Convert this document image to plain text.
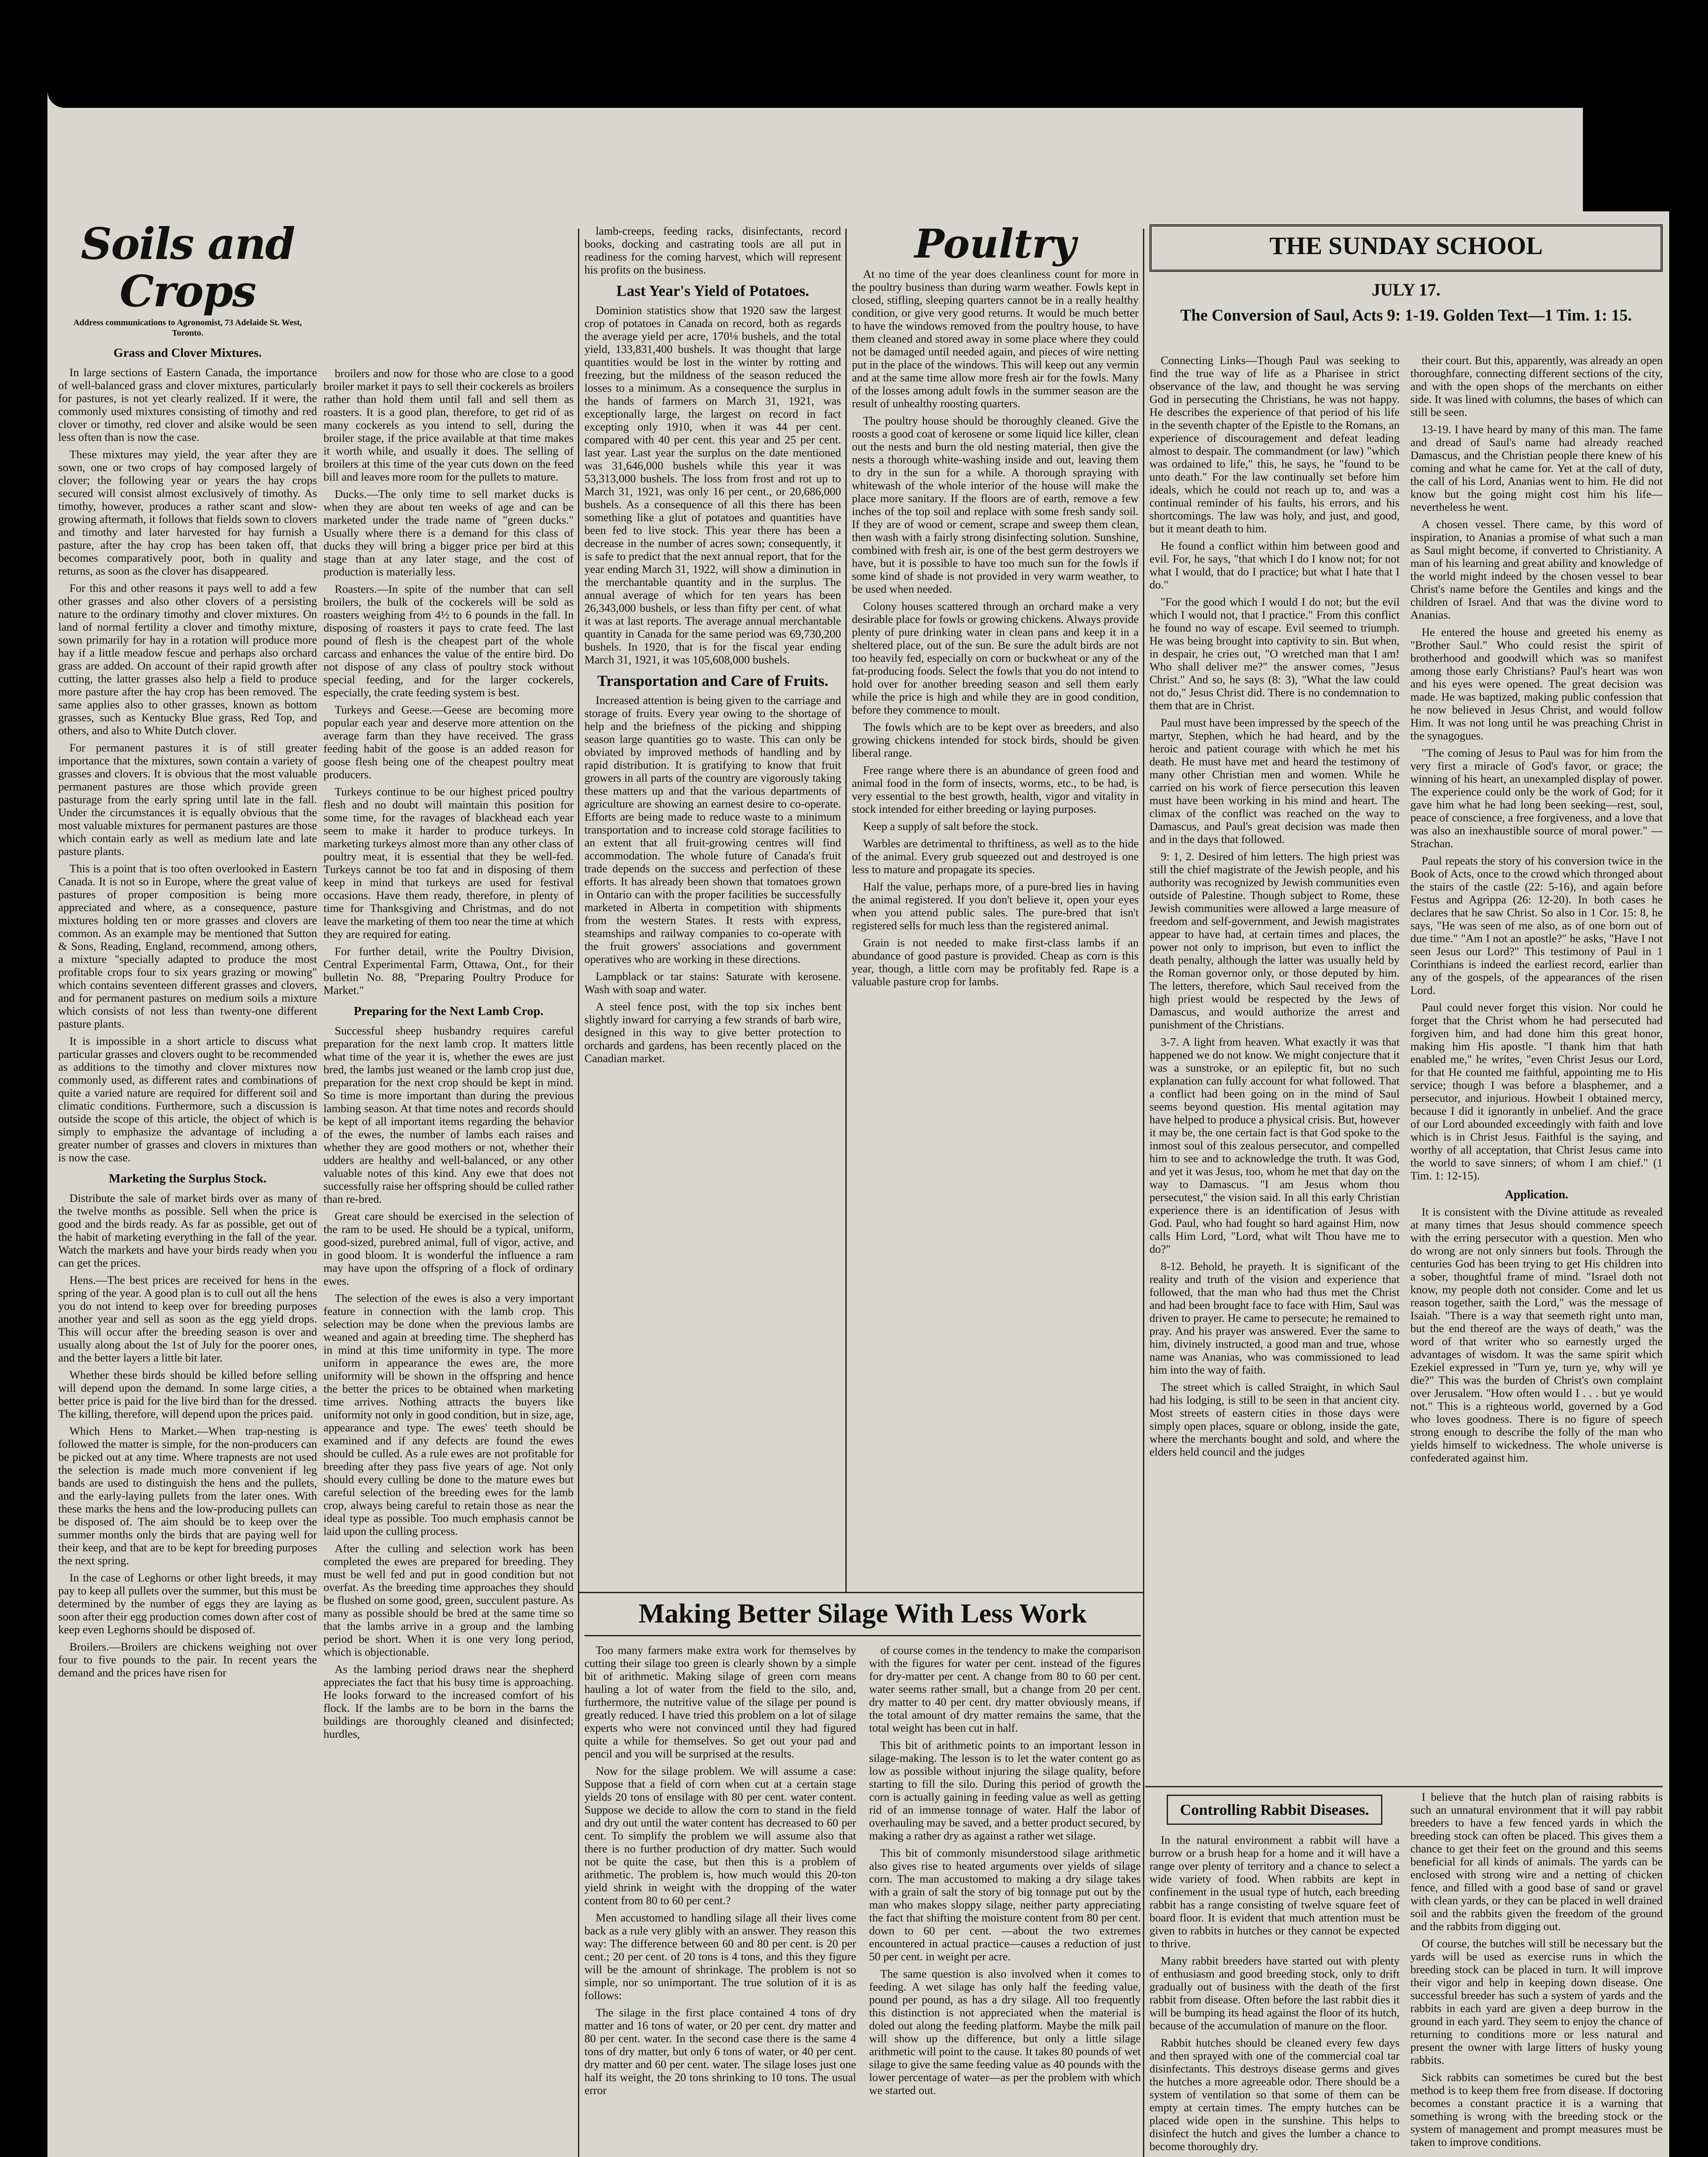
Soils and Crops
Address communications to Agronomist, 73 Adelaide St. West, Toronto.
Grass and Clover Mixtures.

In large sections of Eastern Canada, the importance of well-balanced grass and clover mixtures, particularly for pastures, is not yet clearly realized. If it were, the commonly used mixtures consisting of timothy and red clover or timothy, red clover and alsike would be seen less often than is now the case.

These mixtures may yield, the year after they are sown, one or two crops of hay composed largely of clover; the following year or years the hay crops secured will consist almost exclusively of timothy. As timothy, however, produces a rather scant and slow-growing aftermath, it follows that fields sown to clovers and timothy and later harvested for hay furnish a pasture, after the hay crop has been taken off, that becomes comparatively poor, both in quality and returns, as soon as the clover has disappeared.

For this and other reasons it pays well to add a few other grasses and also other clovers of a persisting nature to the ordinary timothy and clover mixtures. On land of normal fertility a clover and timothy mixture, sown primarily for hay in a rotation will produce more hay if a little meadow fescue and perhaps also orchard grass are added. On account of their rapid growth after cutting, the latter grasses also help a field to produce more pasture after the hay crop has been removed. The same applies also to other grasses, known as bottom grasses, such as Kentucky Blue grass, Red Top, and others, and also to White Dutch clover.

For permanent pastures it is of still greater importance that the mixtures, sown contain a variety of grasses and clovers. It is obvious that the most valuable permanent pastures are those which provide green pasturage from the early spring until late in the fall. Under the circumstances it is equally obvious that the most valuable mixtures for permanent pastures are those which contain early as well as medium late and late pasture plants.

This is a point that is too often overlooked in Eastern Canada. It is not so in Europe, where the great value of pastures of proper composition is being more appreciated and where, as a consequence, pasture mixtures holding ten or more grasses and clovers are common. As an example may be mentioned that Sutton & Sons, Reading, England, recommend, among others, a mixture "specially adapted to produce the most profitable crops four to six years grazing or mowing" which contains seventeen different grasses and clovers, and for permanent pastures on medium soils a mixture which consists of not less than twenty-one different pasture plants.

It is impossible in a short article to discuss what particular grasses and clovers ought to be recommended as additions to the timothy and clover mixtures now commonly used, as different rates and combinations of quite a varied nature are required for different soil and climatic conditions. Furthermore, such a discussion is outside the scope of this article, the object of which is simply to emphasize the advantage of including a greater number of grasses and clovers in mixtures than is now the case.

Marketing the Surplus Stock.

Distribute the sale of market birds over as many of the twelve months as possible. Sell when the price is good and the birds ready. As far as possible, get out of the habit of marketing everything in the fall of the year. Watch the markets and have your birds ready when you can get the prices.

Hens.—The best prices are received for hens in the spring of the year. A good plan is to cull out all the hens you do not intend to keep over for breeding purposes another year and sell as soon as the egg yield drops. This will occur after the breeding season is over and usually along about the 1st of July for the poorer ones, and the better layers a little bit later.

Whether these birds should be killed before selling will depend upon the demand. In some large cities, a better price is paid for the live bird than for the dressed. The killing, therefore, will depend upon the prices paid.

Which Hens to Market.—When trap-nesting is followed the matter is simple, for the non-producers can be picked out at any time. Where trapnests are not used the selection is made much more convenient if leg bands are used to distinguish the hens and the pullets, and the early-laying pullets from the later ones. With these marks the hens and the low-producing pullets can be disposed of. The aim should be to keep over the summer months only the birds that are paying well for their keep, and that are to be kept for breeding purposes the next spring.

In the case of Leghorns or other light breeds, it may pay to keep all pullets over the summer, but this must be determined by the number of eggs they are laying as soon after their egg production comes down after cost of keep even Leghorns should be disposed of.

Broilers.—Broilers are chickens weighing not over four to five pounds to the pair. In recent years the demand and the prices have risen for

broilers and now for those who are close to a good broiler market it pays to sell their cockerels as broilers rather than hold them until fall and sell them as roasters. It is a good plan, therefore, to get rid of as many cockerels as you intend to sell, during the broiler stage, if the price available at that time makes it worth while, and usually it does. The selling of broilers at this time of the year cuts down on the feed bill and leaves more room for the pullets to mature.

Ducks.—The only time to sell market ducks is when they are about ten weeks of age and can be marketed under the trade name of "green ducks." Usually where there is a demand for this class of ducks they will bring a bigger price per bird at this stage than at any later stage, and the cost of production is materially less.

Roasters.—In spite of the number that can sell broilers, the bulk of the cockerels will be sold as roasters weighing from 4½ to 6 pounds in the fall. In disposing of roasters it pays to crate feed. The last pound of flesh is the cheapest part of the whole carcass and enhances the value of the entire bird. Do not dispose of any class of poultry stock without special feeding, and for the larger cockerels, especially, the crate feeding system is best.

Turkeys and Geese.—Geese are becoming more popular each year and deserve more attention on the average farm than they have received. The grass feeding habit of the goose is an added reason for goose flesh being one of the cheapest poultry meat producers.

Turkeys continue to be our highest priced poultry flesh and no doubt will maintain this position for some time, for the ravages of blackhead each year seem to make it harder to produce turkeys. In marketing turkeys almost more than any other class of poultry meat, it is essential that they be well-fed. Turkeys cannot be too fat and in disposing of them keep in mind that turkeys are used for festival occasions. Have them ready, therefore, in plenty of time for Thanksgiving and Christmas, and do not leave the marketing of them too near the time at which they are required for eating.

For further detail, write the Poultry Division, Central Experimental Farm, Ottawa, Ont., for their bulletin No. 88, "Preparing Poultry Produce for Market."

Preparing for the Next Lamb Crop.

Successful sheep husbandry requires careful preparation for the next lamb crop. It matters little what time of the year it is, whether the ewes are just bred, the lambs just weaned or the lamb crop just due, preparation for the next crop should be kept in mind. So time is more important than during the previous lambing season. At that time notes and records should be kept of all important items regarding the behavior of the ewes, the number of lambs each raises and whether they are good mothers or not, whether their udders are healthy and well-balanced, or any other valuable notes of this kind. Any ewe that does not successfully raise her offspring should be culled rather than re-bred.

Great care should be exercised in the selection of the ram to be used. He should be a typical, uniform, good-sized, purebred animal, full of vigor, active, and in good bloom. It is wonderful the influence a ram may have upon the offspring of a flock of ordinary ewes.

The selection of the ewes is also a very important feature in connection with the lamb crop. This selection may be done when the previous lambs are weaned and again at breeding time. The shepherd has in mind at this time uniformity in type. The more uniform in appearance the ewes are, the more uniformity will be shown in the offspring and hence the better the prices to be obtained when marketing time arrives. Nothing attracts the buyers like uniformity not only in good condition, but in size, age, appearance and type. The ewes' teeth should be examined and if any defects are found the ewes should be culled. As a rule ewes are not profitable for breeding after they pass five years of age. Not only should every culling be done to the mature ewes but careful selection of the breeding ewes for the lamb crop, always being careful to retain those as near the ideal type as possible. Too much emphasis cannot be laid upon the culling process.

After the culling and selection work has been completed the ewes are prepared for breeding. They must be well fed and put in good condition but not overfat. As the breeding time approaches they should be flushed on some good, green, succulent pasture. As many as possible should be bred at the same time so that the lambs arrive in a group and the lambing period be short. When it is one very long period, which is objectionable.

As the lambing period draws near the shepherd appreciates the fact that his busy time is approaching. He looks forward to the increased comfort of his flock. If the lambs are to be born in the barns the buildings are thoroughly cleaned and disinfected; hurdles,

lamb-creeps, feeding racks, disinfectants, record books, docking and castrating tools are all put in readiness for the coming harvest, which will represent his profits on the business.

Last Year's Yield of Potatoes.

Dominion statistics show that 1920 saw the largest crop of potatoes in Canada on record, both as regards the average yield per acre, 170⅛ bushels, and the total yield, 133,831,400 bushels. It was thought that large quantities would be lost in the winter by rotting and freezing, but the mildness of the season reduced the losses to a minimum. As a consequence the surplus in the hands of farmers on March 31, 1921, was exceptionally large, the largest on record in fact excepting only 1910, when it was 44 per cent. compared with 40 per cent. this year and 25 per cent. last year. Last year the surplus on the date mentioned was 31,646,000 bushels while this year it was 53,313,000 bushels. The loss from frost and rot up to March 31, 1921, was only 16 per cent., or 20,686,000 bushels. As a consequence of all this there has been something like a glut of potatoes and quantities have been fed to live stock. This year there has been a decrease in the number of acres sown; consequently, it is safe to predict that the next annual report, that for the year ending March 31, 1922, will show a diminution in the merchantable quantity and in the surplus. The annual average of which for ten years has been 26,343,000 bushels, or less than fifty per cent. of what it was at last reports. The average annual merchantable quantity in Canada for the same period was 69,730,200 bushels. In 1920, that is for the fiscal year ending March 31, 1921, it was 105,608,000 bushels.

Transportation and Care of Fruits.

Increased attention is being given to the carriage and storage of fruits. Every year owing to the shortage of help and the briefness of the picking and shipping season large quantities go to waste. This can only be obviated by improved methods of handling and by rapid distribution. It is gratifying to know that fruit growers in all parts of the country are vigorously taking these matters up and that the various departments of agriculture are showing an earnest desire to co-operate. Efforts are being made to reduce waste to a minimum transportation and to increase cold storage facilities to an extent that all fruit-growing centres will find accommodation. The whole future of Canada's fruit trade depends on the success and perfection of these efforts. It has already been shown that tomatoes grown in Ontario can with the proper facilities be successfully marketed in Alberta in competition with shipments from the western States. It rests with express, steamships and railway companies to co-operate with the fruit growers' associations and government operatives who are working in these directions.

Lampblack or tar stains: Saturate with kerosene. Wash with soap and water.

A steel fence post, with the top six inches bent slightly inward for carrying a few strands of barb wire, designed in this way to give better protection to orchards and gardens, has been recently placed on the Canadian market.

Poultry

At no time of the year does cleanliness count for more in the poultry business than during warm weather. Fowls kept in closed, stifling, sleeping quarters cannot be in a really healthy condition, or give very good returns. It would be much better to have the windows removed from the poultry house, to have them cleaned and stored away in some place where they could not be damaged until needed again, and pieces of wire netting put in the place of the windows. This will keep out any vermin and at the same time allow more fresh air for the fowls. Many of the losses among adult fowls in the summer season are the result of unhealthy roosting quarters.

The poultry house should be thoroughly cleaned. Give the roosts a good coat of kerosene or some liquid lice killer, clean out the nests and burn the old nesting material, then give the nests a thorough white-washing inside and out, leaving them to dry in the sun for a while. A thorough spraying with whitewash of the whole interior of the house will make the place more sanitary. If the floors are of earth, remove a few inches of the top soil and replace with some fresh sandy soil. If they are of wood or cement, scrape and sweep them clean, then wash with a fairly strong disinfecting solution. Sunshine, combined with fresh air, is one of the best germ destroyers we have, but it is possible to have too much sun for the fowls if some kind of shade is not provided in very warm weather, to be used when needed.

Colony houses scattered through an orchard make a very desirable place for fowls or growing chickens. Always provide plenty of pure drinking water in clean pans and keep it in a sheltered place, out of the sun. Be sure the adult birds are not too heavily fed, especially on corn or buckwheat or any of the fat-producing foods. Select the fowls that you do not intend to hold over for another breeding season and sell them early while the price is high and while they are in good condition, before they commence to moult.

The fowls which are to be kept over as breeders, and also growing chickens intended for stock birds, should be given liberal range.

Free range where there is an abundance of green food and animal food in the form of insects, worms, etc., to be had, is very essential to the best growth, health, vigor and vitality in stock intended for either breeding or laying purposes.

Keep a supply of salt before the stock.

Warbles are detrimental to thriftiness, as well as to the hide of the animal. Every grub squeezed out and destroyed is one less to mature and propagate its species.

Half the value, perhaps more, of a pure-bred lies in having the animal registered. If you don't believe it, open your eyes when you attend public sales. The pure-bred that isn't registered sells for much less than the registered animal.

Grain is not needed to make first-class lambs if an abundance of good pasture is provided. Cheap as corn is this year, though, a little corn may be profitably fed. Rape is a valuable pasture crop for lambs.

Making Better Silage With Less Work

Too many farmers make extra work for themselves by cutting their silage too green is clearly shown by a simple bit of arithmetic. Making silage of green corn means hauling a lot of water from the field to the silo, and, furthermore, the nutritive value of the silage per pound is greatly reduced. I have tried this problem on a lot of silage experts who were not convinced until they had figured quite a while for themselves. So get out your pad and pencil and you will be surprised at the results.

Now for the silage problem. We will assume a case: Suppose that a field of corn when cut at a certain stage yields 20 tons of ensilage with 80 per cent. water content. Suppose we decide to allow the corn to stand in the field and dry out until the water content has decreased to 60 per cent. To simplify the problem we will assume also that there is no further production of dry matter. Such would not be quite the case, but then this is a problem of arithmetic. The problem is, how much would this 20-ton yield shrink in weight with the dropping of the water content from 80 to 60 per cent.?

Men accustomed to handling silage all their lives come back as a rule very glibly with an answer. They reason this way: The difference between 60 and 80 per cent. is 20 per cent.; 20 per cent. of 20 tons is 4 tons, and this they figure will be the amount of shrinkage. The problem is not so simple, nor so unimportant. The true solution of it is as follows:

The silage in the first place contained 4 tons of dry matter and 16 tons of water, or 20 per cent. dry matter and 80 per cent. water. In the second case there is the same 4 tons of dry matter, but only 6 tons of water, or 40 per cent. dry matter and 60 per cent. water. The silage loses just one half its weight, the 20 tons shrinking to 10 tons. The usual error

of course comes in the tendency to make the comparison with the figures for water per cent. instead of the figures for dry-matter per cent. A change from 80 to 60 per cent. water seems rather small, but a change from 20 per cent. dry matter to 40 per cent. dry matter obviously means, if the total amount of dry matter remains the same, that the total weight has been cut in half.

This bit of arithmetic points to an important lesson in silage-making. The lesson is to let the water content go as low as possible without injuring the silage quality, before starting to fill the silo. During this period of growth the corn is actually gaining in feeding value as well as getting rid of an immense tonnage of water. Half the labor of overhauling may be saved, and a better product secured, by making a rather dry as against a rather wet silage.

This bit of commonly misunderstood silage arithmetic also gives rise to heated arguments over yields of silage corn. The man accustomed to making a dry silage takes with a grain of salt the story of big tonnage put out by the man who makes sloppy silage, neither party appreciating the fact that shifting the moisture content from 80 per cent. down to 60 per cent. —about the two extremes encountered in actual practice—causes a reduction of just 50 per cent. in weight per acre.

The same question is also involved when it comes to feeding. A wet silage has only half the feeding value, pound per pound, as has a dry silage. All too frequently this distinction is not appreciated when the material is doled out along the feeding platform. Maybe the milk pail will show up the difference, but only a little silage arithmetic will point to the cause. It takes 80 pounds of wet silage to give the same feeding value as 40 pounds with the lower percentage of water—as per the problem with which we started out.

THE SUNDAY SCHOOL
JULY 17.
The Conversion of Saul, Acts 9: 1-19. Golden Text—1 Tim. 1: 15.

Connecting Links—Though Paul was seeking to find the true way of life as a Pharisee in strict observance of the law, and thought he was serving God in persecuting the Christians, he was not happy. He describes the experience of that period of his life in the seventh chapter of the Epistle to the Romans, an experience of discouragement and defeat leading almost to despair. The commandment (or law) "which was ordained to life," this, he says, he "found to be unto death." For the law continually set before him ideals, which he could not reach up to, and was a continual reminder of his faults, his errors, and his shortcomings. The law was holy, and just, and good, but it meant death to him.

He found a conflict within him between good and evil. For, he says, "that which I do I know not; for not what I would, that do I practice; but what I hate that I do."

"For the good which I would I do not; but the evil which I would not, that I practice." From this conflict he found no way of escape. Evil seemed to triumph. He was being brought into captivity to sin. But when, in despair, he cries out, "O wretched man that I am! Who shall deliver me?" the answer comes, "Jesus Christ." And so, he says (8: 3), "What the law could not do," Jesus Christ did. There is no condemnation to them that are in Christ.

Paul must have been impressed by the speech of the martyr, Stephen, which he had heard, and by the heroic and patient courage with which he met his death. He must have met and heard the testimony of many other Christian men and women. While he carried on his work of fierce persecution this leaven must have been working in his mind and heart. The climax of the conflict was reached on the way to Damascus, and Paul's great decision was made then and in the days that followed.

9: 1, 2. Desired of him letters. The high priest was still the chief magistrate of the Jewish people, and his authority was recognized by Jewish communities even outside of Palestine. Though subject to Rome, these Jewish communities were allowed a large measure of freedom and self-government, and Jewish magistrates appear to have had, at certain times and places, the power not only to imprison, but even to inflict the death penalty, although the latter was usually held by the Roman governor only, or those deputed by him. The letters, therefore, which Saul received from the high priest would be respected by the Jews of Damascus, and would authorize the arrest and punishment of the Christians.

3-7. A light from heaven. What exactly it was that happened we do not know. We might conjecture that it was a sunstroke, or an epileptic fit, but no such explanation can fully account for what followed. That a conflict had been going on in the mind of Saul seems beyond question. His mental agitation may have helped to produce a physical crisis. But, however it may be, the one certain fact is that God spoke to the inmost soul of this zealous persecutor, and compelled him to see and to acknowledge the truth. It was God, and yet it was Jesus, too, whom he met that day on the way to Damascus. "I am Jesus whom thou persecutest," the vision said. In all this early Christian experience there is an identification of Jesus with God. Paul, who had fought so hard against Him, now calls Him Lord, "Lord, what wilt Thou have me to do?"

8-12. Behold, he prayeth. It is significant of the reality and truth of the vision and experience that followed, that the man who had thus met the Christ and had been brought face to face with Him, Saul was driven to prayer. He came to persecute; he remained to pray. And his prayer was answered. Ever the same to him, divinely instructed, a good man and true, whose name was Ananias, who was commissioned to lead him into the way of faith.

The street which is called Straight, in which Saul had his lodging, is still to be seen in that ancient city. Most streets of eastern cities in those days were simply open places, square or oblong, inside the gate, where the merchants bought and sold, and where the elders held council and the judges

their court. But this, apparently, was already an open thoroughfare, connecting different sections of the city, and with the open shops of the merchants on either side. It was lined with columns, the bases of which can still be seen.

13-19. I have heard by many of this man. The fame and dread of Saul's name had already reached Damascus, and the Christian people there knew of his coming and what he came for. Yet at the call of duty, the call of his Lord, Ananias went to him. He did not know but the going might cost him his life—nevertheless he went.

A chosen vessel. There came, by this word of inspiration, to Ananias a promise of what such a man as Saul might become, if converted to Christianity. A man of his learning and great ability and knowledge of the world might indeed by the chosen vessel to bear Christ's name before the Gentiles and kings and the children of Israel. And that was the divine word to Ananias.

He entered the house and greeted his enemy as "Brother Saul." Who could resist the spirit of brotherhood and goodwill which was so manifest among those early Christians? Paul's heart was won and his eyes were opened. The great decision was made. He was baptized, making public confession that he now believed in Jesus Christ, and would follow Him. It was not long until he was preaching Christ in the synagogues.

"The coming of Jesus to Paul was for him from the very first a miracle of God's favor, or grace; the winning of his heart, an unexampled display of power. The experience could only be the work of God; for it gave him what he had long been seeking—rest, soul, peace of conscience, a free forgiveness, and a love that was also an inexhaustible source of moral power." —Strachan.

Paul repeats the story of his conversion twice in the Book of Acts, once to the crowd which thronged about the stairs of the castle (22: 5-16), and again before Festus and Agrippa (26: 12-20). In both cases he declares that he saw Christ. So also in 1 Cor. 15: 8, he says, "He was seen of me also, as of one born out of due time." "Am I not an apostle?" he asks, "Have I not seen Jesus our Lord?" This testimony of Paul in 1 Corinthians is indeed the earliest record, earlier than any of the gospels, of the appearances of the risen Lord.

Paul could never forget this vision. Nor could he forget that the Christ whom he had persecuted had forgiven him, and had done him this great honor, making him His apostle. "I thank him that hath enabled me," he writes, "even Christ Jesus our Lord, for that He counted me faithful, appointing me to His service; though I was before a blasphemer, and a persecutor, and injurious. Howbeit I obtained mercy, because I did it ignorantly in unbelief. And the grace of our Lord abounded exceedingly with faith and love which is in Christ Jesus. Faithful is the saying, and worthy of all acceptation, that Christ Jesus came into the world to save sinners; of whom I am chief." (1 Tim. 1: 12-15).

Application.

It is consistent with the Divine attitude as revealed at many times that Jesus should commence speech with the erring persecutor with a question. Men who do wrong are not only sinners but fools. Through the centuries God has been trying to get His children into a sober, thoughtful frame of mind. "Israel doth not know, my people doth not consider. Come and let us reason together, saith the Lord," was the message of Isaiah. "There is a way that seemeth right unto man, but the end thereof are the ways of death," was the word of that writer who so earnestly urged the advantages of wisdom. It was the same spirit which Ezekiel expressed in "Turn ye, turn ye, why will ye die?" This was the burden of Christ's own complaint over Jerusalem. "How often would I . . . but ye would not." This is a righteous world, governed by a God who loves goodness. There is no figure of speech strong enough to describe the folly of the man who yields himself to wickedness. The whole universe is confederated against him.

Controlling Rabbit Diseases.

In the natural environment a rabbit will have a burrow or a brush heap for a home and it will have a range over plenty of territory and a chance to select a wide variety of food. When rabbits are kept in confinement in the usual type of hutch, each breeding rabbit has a range consisting of twelve square feet of board floor. It is evident that much attention must be given to rabbits in hutches or they cannot be expected to thrive.

Many rabbit breeders have started out with plenty of enthusiasm and good breeding stock, only to drift gradually out of business with the death of the first rabbit from disease. Often before the last rabbit dies it will be bumping its head against the floor of its hutch, because of the accumulation of manure on the floor.

Rabbit hutches should be cleaned every few days and then sprayed with one of the commercial coal tar disinfectants. This destroys disease germs and gives the hutches a more agreeable odor. There should be a system of ventilation so that some of them can be empty at certain times. The empty hutches can be placed wide open in the sunshine. This helps to disinfect the hutch and gives the lumber a chance to become thoroughly dry.

I believe that the hutch plan of raising rabbits is such an unnatural environment that it will pay rabbit breeders to have a few fenced yards in which the breeding stock can often be placed. This gives them a chance to get their feet on the ground and this seems beneficial for all kinds of animals. The yards can be enclosed with strong wire and a netting of chicken fence, and filled with a good base of sand or gravel with clean yards, or they can be placed in well drained soil and the rabbits given the freedom of the ground and the rabbits from digging out.

Of course, the butches will still be necessary but the yards will be used as exercise runs in which the breeding stock can be placed in turn. It will improve their vigor and help in keeping down disease. One successful breeder has such a system of yards and the rabbits in each yard are given a deep burrow in the ground in each yard. They seem to enjoy the chance of returning to conditions more or less natural and present the owner with large litters of husky young rabbits.

Sick rabbits can sometimes be cured but the best method is to keep them free from disease. If doctoring becomes a constant practice it is a warning that something is wrong with the breeding stock or the system of management and prompt measures must be taken to improve conditions.
